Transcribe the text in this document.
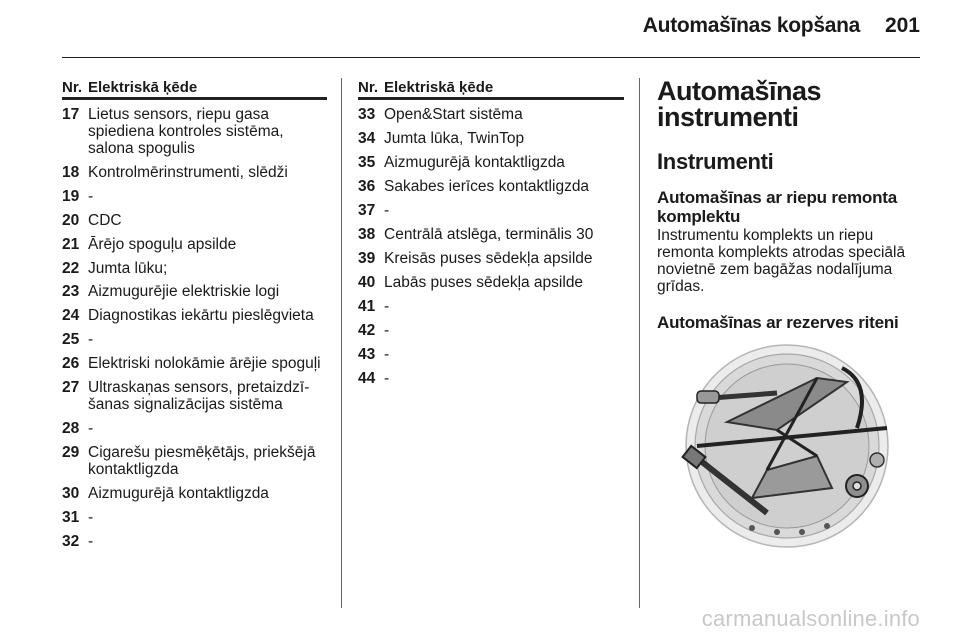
Automašīnas kopšana 201
Nr. Elektriskā ķēde
17 Lietus sensors, riepu gasa spiediena kontroles sistēma, salona spogulis
18 Kontrolmērinstrumenti, slēdži
19 -
20 CDC
21 Ārējo spoguļu apsilde
22 Jumta lūku;
23 Aizmugurējie elektriskie logi
24 Diagnostikas iekārtu pieslēgvieta
25 -
26 Elektriski nolokāmie ārējie spoguļi
27 Ultraskaņas sensors, pretaizdzī-šanas signalizācijas sistēma
28 -
29 Cigarešu piesmēķētājs, priekšējā kontaktligzda
30 Aizmugurējā kontaktligzda
31 -
32 -
Nr. Elektriskā ķēde
33 Open&Start sistēma
34 Jumta lūka, TwinTop
35 Aizmugurējā kontaktligzda
36 Sakabes ierīces kontaktligzda
37 -
38 Centrālā atslēga, terminālis 30
39 Kreisās puses sēdekļa apsilde
40 Labās puses sēdekļa apsilde
41 -
42 -
43 -
44 -
Automašīnas instrumenti
Instrumenti
Automašīnas ar riepu remonta komplektu

Instrumentu komplekts un riepu remonta komplekts atrodas speciālā novietnē zem bagāžas nodalījuma grīdas.

Automašīnas ar rezerves riteni
carmanualsonline.info
